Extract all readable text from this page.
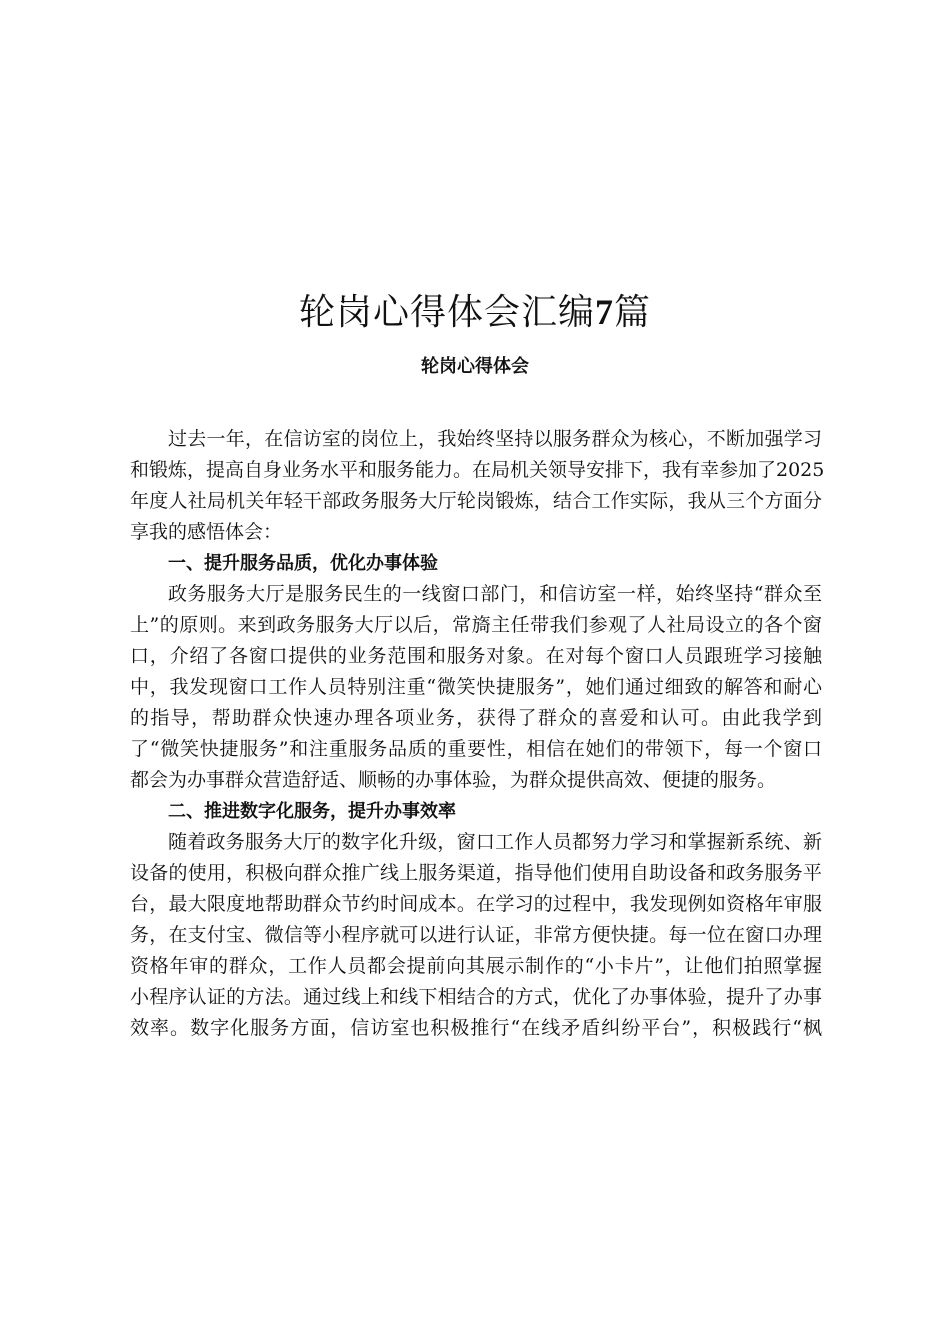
轮岗心得体会汇编7篇
轮岗心得体会
过去一年，在信访室的岗位上，我始终坚持以服务群众为核心，不断加强学习
和锻炼，提高自身业务水平和服务能力。在局机关领导安排下，我有幸参加了2025
年度人社局机关年轻干部政务服务大厅轮岗锻炼，结合工作实际，我从三个方面分
享我的感悟体会：
一、提升服务品质，优化办事体验
政务服务大厅是服务民生的一线窗口部门，和信访室一样，始终坚持“群众至
上”的原则。来到政务服务大厅以后，常旖主任带我们参观了人社局设立的各个窗
口，介绍了各窗口提供的业务范围和服务对象。在对每个窗口人员跟班学习接触
中，我发现窗口工作人员特别注重“微笑快捷服务”，她们通过细致的解答和耐心
的指导，帮助群众快速办理各项业务，获得了群众的喜爱和认可。由此我学到
了“微笑快捷服务”和注重服务品质的重要性，相信在她们的带领下，每一个窗口
都会为办事群众营造舒适、顺畅的办事体验，为群众提供高效、便捷的服务。
二、推进数字化服务，提升办事效率
随着政务服务大厅的数字化升级，窗口工作人员都努力学习和掌握新系统、新
设备的使用，积极向群众推广线上服务渠道，指导他们使用自助设备和政务服务平
台，最大限度地帮助群众节约时间成本。在学习的过程中，我发现例如资格年审服
务，在支付宝、微信等小程序就可以进行认证，非常方便快捷。每一位在窗口办理
资格年审的群众，工作人员都会提前向其展示制作的“小卡片”，让他们拍照掌握
小程序认证的方法。通过线上和线下相结合的方式，优化了办事体验，提升了办事
效率。数字化服务方面，信访室也积极推行“在线矛盾纠纷平台”，积极践行“枫
